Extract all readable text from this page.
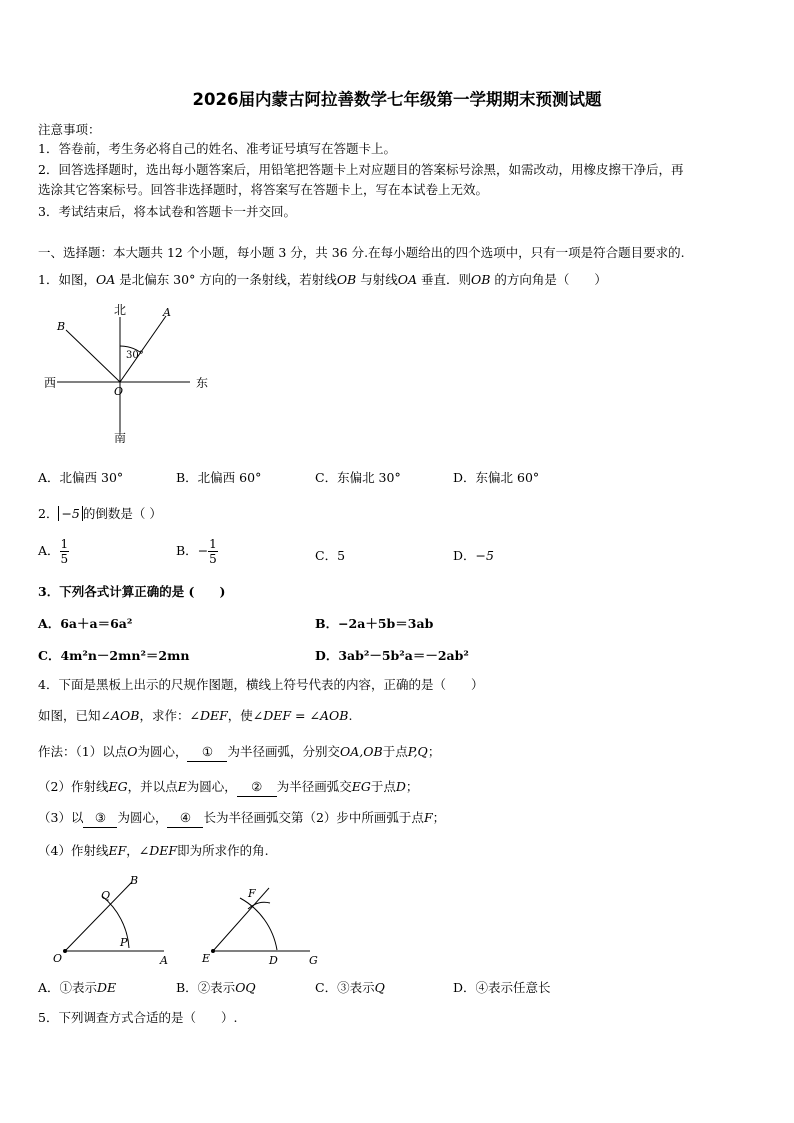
2026届内蒙古阿拉善数学七年级第一学期期末预测试题
注意事项：
1．答卷前，考生务必将自己的姓名、准考证号填写在答题卡上。
2．回答选择题时，选出每小题答案后，用铅笔把答题卡上对应题目的答案标号涂黑，如需改动，用橡皮擦干净后，再
选涂其它答案标号。回答非选择题时，将答案写在答题卡上，写在本试卷上无效。
3．考试结束后，将本试卷和答题卡一并交回。
一、选择题：本大题共 12 个小题，每小题 3 分，共 36 分.在每小题给出的四个选项中，只有一项是符合题目要求的.
1．如图，OA 是北偏东 30° 方向的一条射线，若射线OB 与射线OA 垂直．则OB 的方向角是（　　）
北
南
东
西
A
B
O
30°
A．北偏西 30°	B．北偏西 60°	C．东偏北 30°	D．东偏北 60°
2． −5 的倒数是（ ）
A． $\frac{1}{5}$	B．− $\frac{1}{5}$	C．5	D．−5
3．下列各式计算正确的是 (　　)
A．6a＋a＝6a²	B．−2a＋5b＝3ab
C．4m²n－2mn²＝2mn	D．3ab²－5b²a＝－2ab²
4．下面是黑板上出示的尺规作图题，横线上符号代表的内容，正确的是（　　）
如图，已知∠AOB，求作：∠DEF，使∠DEF = ∠AOB.
作法：（1）以点O为圆心， ① 为半径画弧，分别交OA,OB于点P,Q；
（2）作射线EG，并以点E为圆心， ② 为半径画弧交EG于点D；
（3）以 ③ 为圆心， ④ 长为半径画弧交第（2）步中所画弧于点F；
（4）作射线EF，∠DEF即为所求作的角.
O
P
A
Q
B
E	D	G
F
A．①表示DE	B．②表示OQ	C．③表示Q	D．④表示任意长
5．下列调查方式合适的是（　　）.
